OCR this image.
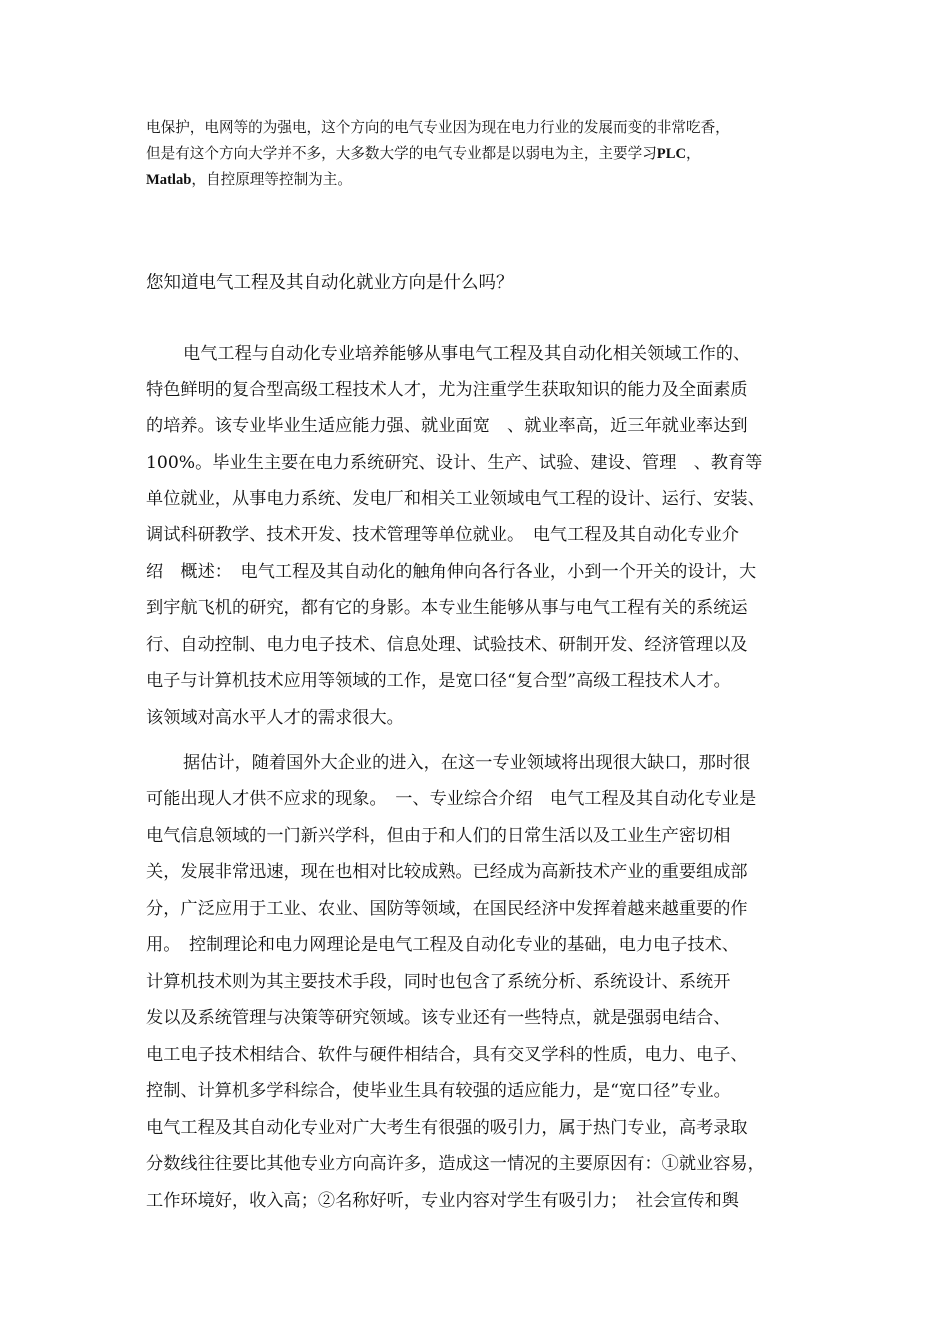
电保护，电网等的为强电，这个方向的电气专业因为现在电力行业的发展而变的非常吃香，

但是有这个方向大学并不多，大多数大学的电气专业都是以弱电为主，主要学习PLC，

Matlab，自控原理等控制为主。

您知道电气工程及其自动化就业方向是什么吗？

电气工程与自动化专业培养能够从事电气工程及其自动化相关领域工作的、

特色鲜明的复合型高级工程技术人才，尤为注重学生获取知识的能力及全面素质

的培养。该专业毕业生适应能力强、就业面宽　、就业率高，近三年就业率达到

100%。毕业生主要在电力系统研究、设计、生产、试验、建设、管理　、教育等

单位就业，从事电力系统、发电厂和相关工业领域电气工程的设计、运行、安装、

调试科研教学、技术开发、技术管理等单位就业。　电气工程及其自动化专业介

绍　概述：　电气工程及其自动化的触角伸向各行各业，小到一个开关的设计，大

到宇航飞机的研究，都有它的身影。本专业生能够从事与电气工程有关的系统运

行、自动控制、电力电子技术、信息处理、试验技术、研制开发、经济管理以及

电子与计算机技术应用等领域的工作，是宽口径“复合型”高级工程技术人才。

该领域对高水平人才的需求很大。

据估计，随着国外大企业的进入，在这一专业领域将出现很大缺口，那时很

可能出现人才供不应求的现象。　一、专业综合介绍　电气工程及其自动化专业是

电气信息领域的一门新兴学科，但由于和人们的日常生活以及工业生产密切相

关，发展非常迅速，现在也相对比较成熟。已经成为高新技术产业的重要组成部

分，广泛应用于工业、农业、国防等领域，在国民经济中发挥着越来越重要的作

用。　控制理论和电力网理论是电气工程及自动化专业的基础，电力电子技术、

计算机技术则为其主要技术手段，同时也包含了系统分析、系统设计、系统开

发以及系统管理与决策等研究领域。该专业还有一些特点，就是强弱电结合、

电工电子技术相结合、软件与硬件相结合，具有交叉学科的性质，电力、电子、

控制、计算机多学科综合，使毕业生具有较强的适应能力，是“宽口径”专业。

电气工程及其自动化专业对广大考生有很强的吸引力，属于热门专业，高考录取

分数线往往要比其他专业方向高许多，造成这一情况的主要原因有：①就业容易，

工作环境好，收入高；②名称好听，专业内容对学生有吸引力；　社会宣传和舆
